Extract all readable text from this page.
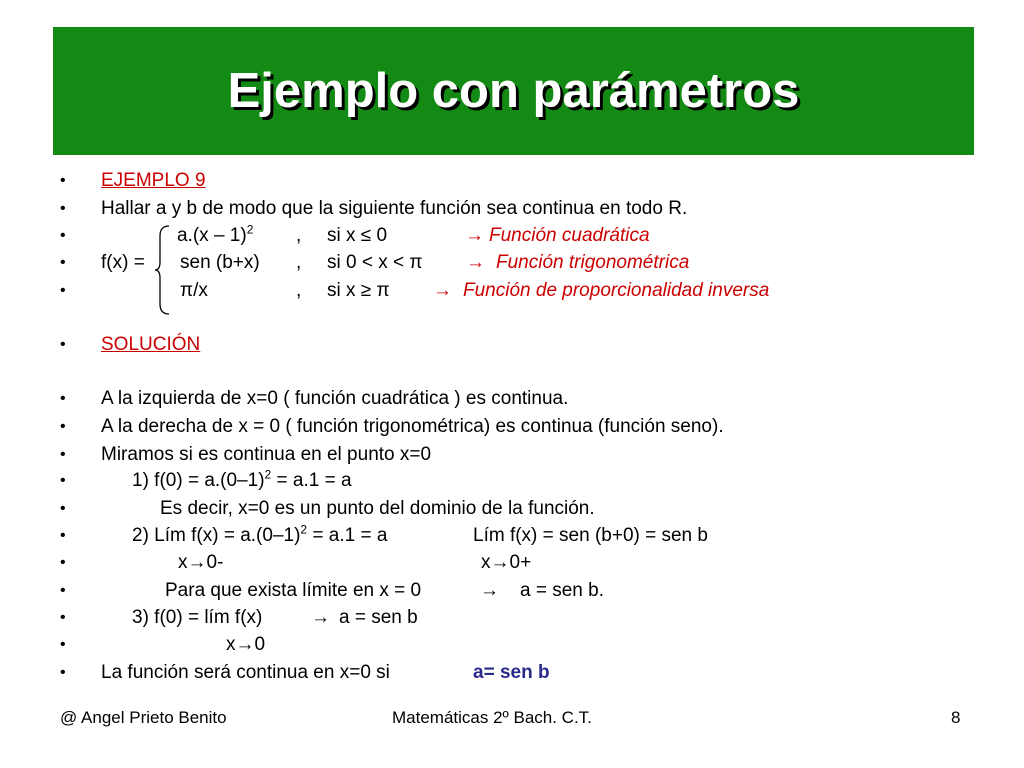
Ejemplo con parámetros
• EJEMPLO 9
• Hallar a y b de modo que la siguiente función sea continua en todo R.
•	a.(x – 1)$^2$ , si x ≤ 0	→ Función cuadrática
• f(x) = sen (b+x) , si 0 < x < π → Función trigonométrica
•	π/x	, si x ≥ π → Función de proporcionalidad inversa
• SOLUCIÓN
• A la izquierda de x=0 ( función cuadrática ) es continua.
• A la derecha de x = 0 ( función trigonométrica) es continua (función seno).
• Miramos si es continua en el punto x=0
•	1) $f(0) = a.(0-1)^2 = a.1 = a$
•	Es decir, x=0 es un punto del dominio de la función.
•	2) Lím $f(x) = a.(0-1)^2 = a.1 = a$	Lím f(x) = sen (b+0) = sen b
•	x→0-	x→0+
•	Para que exista límite en x = 0	→ a = sen b.
•	3) f(0) = lím f(x)	→ a = sen b
•	x→0
• La función será continua en x=0 si	a= sen b
@ Angel Prieto Benito	Matemáticas 2º Bach. C.T.	8
